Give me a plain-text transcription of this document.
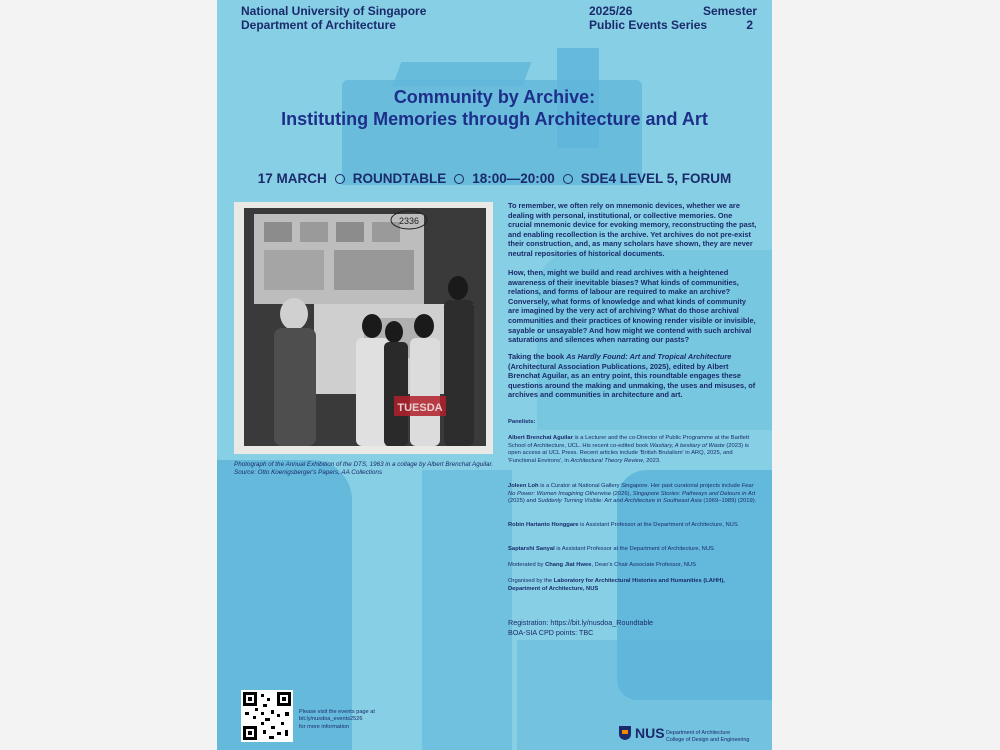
National University of Singapore
Department of Architecture
2025/26
Public Events Series
Semester
2
Community by Archive:
Instituting Memories through Architecture and Art
17 MARCH ROUNDTABLE 18:00—20:00 SDE4 LEVEL 5, FORUM
TUESDA
2336
Photograph of the Annual Exhibition of the DTS, 1963 in a collage by Albert Brenchat Aguilar. Source: Otto Koenigsberger's Papers, AA Collections
To remember, we often rely on mnemonic devices, whether we are dealing with personal, institutional, or collective memories. One crucial mnemonic device for evoking memory, reconstructing the past, and enabling recollection is the archive. Yet archives do not pre-exist their construction, and, as many scholars have shown, they are never neutral repositories of historical documents.
How, then, might we build and read archives with a heightened awareness of their inevitable biases? What kinds of communities, relations, and forms of labour are required to make an archive? Conversely, what forms of knowledge and what kinds of community are imagined by the very act of archiving? What do those archival communities and their practices of knowing render visible or invisible, sayable or unsayable? And how might we contend with such archival saturations and silences when narrating our pasts?
Taking the book As Hardly Found: Art and Tropical Architecture (Architectural Association Publications, 2025), edited by Albert Brenchat Aguilar, as an entry point, this roundtable engages these questions around the making and unmaking, the uses and misuses, of archives and communities in architecture and art.
Panelists:
Albert Brenchat Aguilar is a Lecturer and the co-Director of Public Programme at the Bartlett School of Architecture, UCL. His recent co-edited book Wastiary, A bestiary of Waste (2023) is open access at UCL Press. Recent articles include 'British Brutalism' in ARQ, 2025, and 'Functional Environs', in Architectural Theory Review, 2023.
Joleen Loh is a Curator at National Gallery Singapore. Her past curatorial projects include Fear No Power: Women Imagining Otherwise (2026), Singapore Stories: Pathways and Detours in Art (2025) and Suddenly Turning Visible: Art and Architecture in Southeast Asia (1969–1989) (2019).
Robin Hartanto Honggare is Assistant Professor at the Department of Architecture, NUS
Saptarshi Sanyal is Assistant Professor at the Department of Architecture, NUS
Moderated by Chang Jiat Hwee, Dean's Chair Associate Professor, NUS
Organised by the Laboratory for Architectural Histories and Humanities (LAHH), Department of Architecture, NUS
Registration: https://bit.ly/nusdoa_Roundtable
BOA-SIA CPD points: TBC
Please visit the events page at
bit.ly/nusdoa_events2526
for more information	NUS Department of Architecture
College of Design and Engineering
